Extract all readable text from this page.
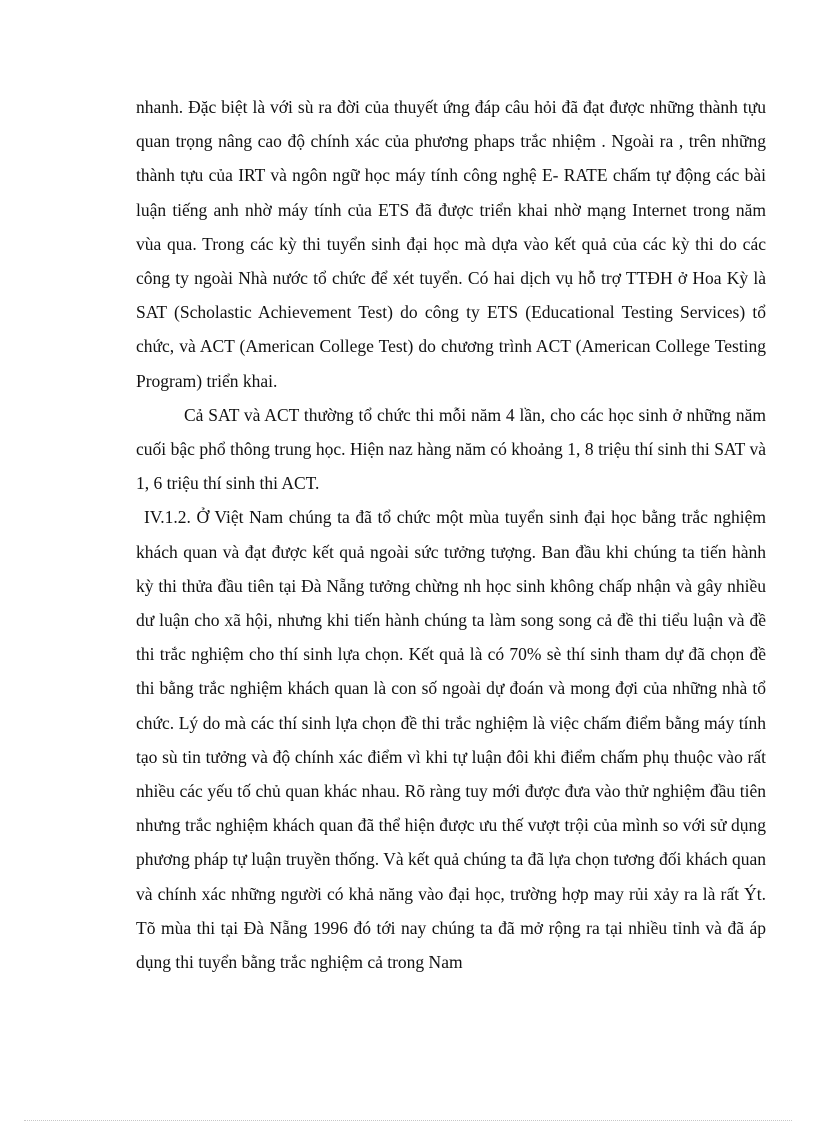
nhanh. Đặc biệt là với sù ra đời của thuyết ứng đáp câu hỏi đã đạt được những thành tựu quan trọng nâng cao độ chính xác của phương phaps trắc nhiệm . Ngoài ra , trên những thành tựu của IRT và ngôn ngữ học máy tính công nghệ E- RATE chấm tự động các bài luận tiếng anh nhờ máy tính của ETS đã được triển khai nhờ mạng Internet trong năm vùa qua. Trong các kỳ thi tuyển sinh đại học mà dựa vào kết quả của các kỳ thi do các công ty ngoài Nhà nước tổ chức để xét tuyển. Có hai dịch vụ hỗ trợ TTĐH ở Hoa Kỳ là SAT (Scholastic Achievement Test) do công ty ETS (Educational Testing Services) tổ chức, và ACT (American College Test) do chương trình ACT (American College Testing Program) triển khai.

Cả SAT và ACT thường tổ chức thi mỗi năm 4 lần, cho các học sinh ở những năm cuối bậc phổ thông trung học. Hiện naz hàng năm có khoảng 1, 8 triệu thí sinh thi SAT và 1, 6 triệu thí sinh thi ACT.

IV.1.2. Ở Việt Nam chúng ta đã tổ chức một mùa tuyển sinh đại học bằng trắc nghiệm khách quan và đạt được kết quả ngoài sức tưởng tượng. Ban đầu khi chúng ta tiến hành kỳ thi thửa đầu tiên tại Đà Nẵng tưởng chừng nh học sinh không chấp nhận và gây nhiều dư luận cho xã hội, nhưng khi tiến hành chúng ta làm song song cả đề thi tiểu luận và đề thi trắc nghiệm cho thí sinh lựa chọn. Kết quả là có 70% sè thí sinh tham dự đã chọn đề thi bằng trắc nghiệm khách quan là con số ngoài dự đoán và mong đợi của những nhà tổ chức. Lý do mà các thí sinh lựa chọn đề thi trắc nghiệm là việc chấm điểm bằng máy tính tạo sù tin tưởng và độ chính xác điểm vì khi tự luận đôi khi điểm chấm phụ thuộc vào rất nhiều các yếu tố chủ quan khác nhau. Rõ ràng tuy mới được đưa vào thử nghiệm đầu tiên nhưng trắc nghiệm khách quan đã thể hiện được ưu thế vượt trội của mình so với sử dụng phương pháp tự luận truyền thống. Và kết quả chúng ta đã lựa chọn tương đối khách quan và chính xác những người có khả năng vào đại học, trường hợp may rủi xảy ra là rất Ýt. Tõ mùa thi tại Đà Nẵng 1996 đó tới nay chúng ta đã mở rộng ra tại nhiều tỉnh và đã áp dụng thi tuyển bằng trắc nghiệm cả trong Nam
